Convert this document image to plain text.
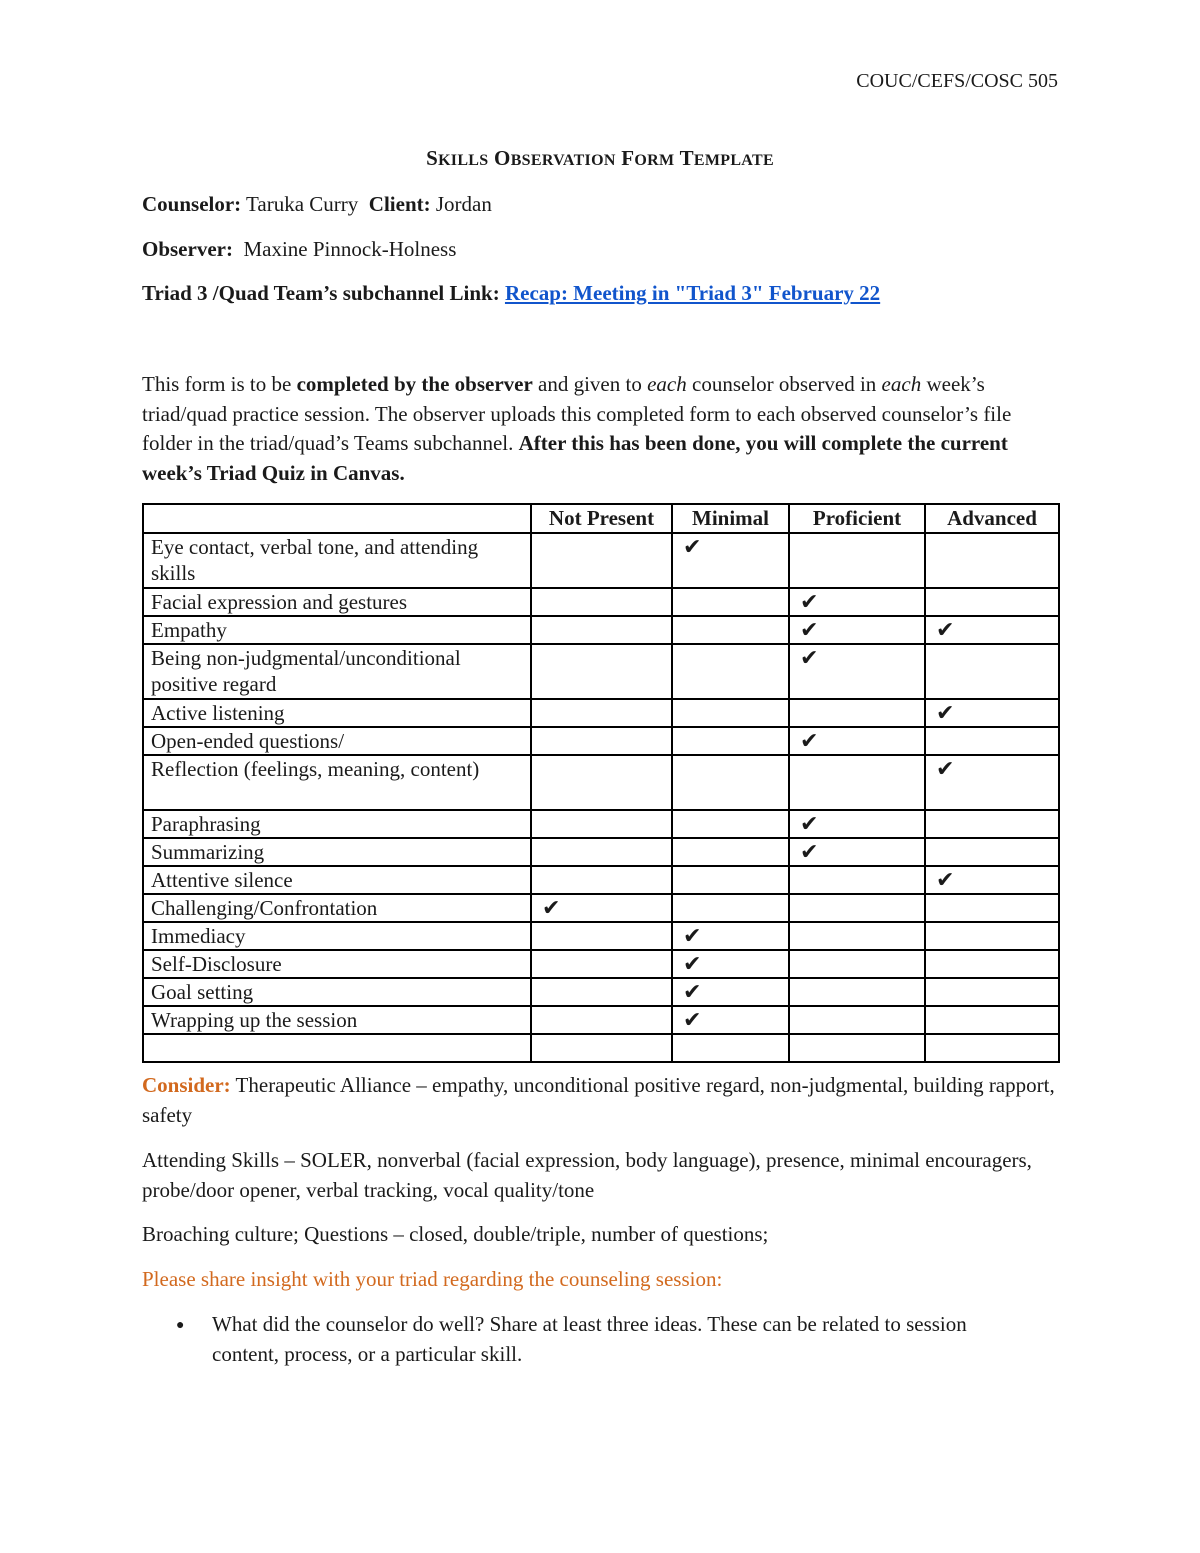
COUC/CEFS/COSC 505
SKILLS OBSERVATION FORM TEMPLATE
Counselor: Taruka Curry Client: Jordan
Observer: Maxine Pinnock-Holness
Triad 3 /Quad Team’s subchannel Link: Recap: Meeting in "Triad 3" February 22
This form is to be completed by the observer and given to each counselor observed in each week’s triad/quad practice session. The observer uploads this completed form to each observed counselor’s file folder in the triad/quad’s Teams subchannel. After this has been done, you will complete the current week’s Triad Quiz in Canvas.
	Not Present	Minimal	Proficient	Advanced
Eye contact, verbal tone, and attending skills		✔		
Facial expression and gestures			✔	
Empathy			✔	✔
Being non-judgmental/unconditional positive regard			✔	
Active listening				✔
Open-ended questions/			✔	
Reflection (feelings, meaning, content)				✔
Paraphrasing			✔	
Summarizing			✔	
Attentive silence				✔
Challenging/Confrontation	✔			
Immediacy		✔		
Self-Disclosure		✔		
Goal setting		✔		
Wrapping up the session		✔		

Consider: Therapeutic Alliance – empathy, unconditional positive regard, non-judgmental, building rapport, safety
Attending Skills – SOLER, nonverbal (facial expression, body language), presence, minimal encouragers, probe/door opener, verbal tracking, vocal quality/tone
Broaching culture; Questions – closed, double/triple, number of questions;
Please share insight with your triad regarding the counseling session:
● What did the counselor do well? Share at least three ideas. These can be related to session content, process, or a particular skill.
